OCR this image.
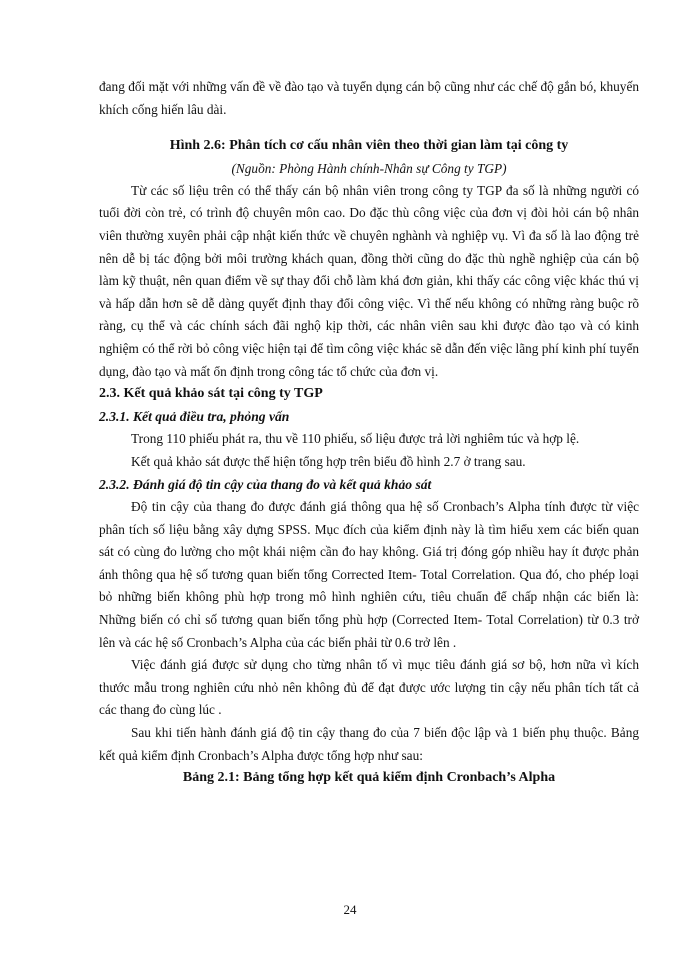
đang đối mặt với những vấn đề về đào tạo và tuyển dụng cán bộ cũng như các chế độ gắn bó, khuyến khích cống hiến lâu dài.

Hình 2.6: Phân tích cơ cấu nhân viên theo thời gian làm tại công ty

(Nguồn: Phòng Hành chính-Nhân sự Công ty TGP)

Từ các số liệu trên có thể thấy cán bộ nhân viên trong công ty TGP đa số là những người có tuổi đời còn trẻ, có trình độ chuyên môn cao. Do đặc thù công việc của đơn vị đòi hỏi cán bộ nhân viên thường xuyên phải cập nhật kiến thức về chuyên nghành và nghiệp vụ. Vì đa số là lao động trẻ nên dễ bị tác động bởi môi trường khách quan, đồng thời cũng do đặc thù nghề nghiệp của cán bộ làm kỹ thuật, nên quan điểm về sự thay đổi chỗ làm khá đơn giản, khi thấy các công việc khác thú vị và hấp dẫn hơn sẽ dễ dàng quyết định thay đổi công việc. Vì thế nếu không có những ràng buộc rõ ràng, cụ thể và các chính sách đãi nghộ kịp thời, các nhân viên sau khi được đào tạo và có kinh nghiệm có thể rời bỏ công việc hiện tại để tìm công việc khác sẽ dẫn đến việc lãng phí kinh phí tuyển dụng, đào tạo và mất ổn định trong công tác tổ chức của đơn vị.

2.3. Kết quả khảo sát tại công ty TGP

2.3.1. Kết quả điều tra, phỏng vấn

Trong 110 phiếu phát ra, thu về 110 phiếu, số liệu được trả lời nghiêm túc và hợp lệ.

Kết quả khảo sát được thể hiện tổng hợp trên biểu đồ hình 2.7 ở trang sau.

2.3.2. Đánh giá độ tin cậy của thang đo và kết quả khảo sát

Độ tin cậy của thang đo được đánh giá thông qua hệ số Cronbach’s Alpha tính được từ việc phân tích số liệu bằng xây dựng SPSS. Mục đích của kiểm định này là tìm hiểu xem các biến quan sát có cùng đo lường cho một khái niệm cần đo hay không. Giá trị đóng góp nhiều hay ít được phản ánh thông qua hệ số tương quan biến tổng Corrected Item- Total Correlation. Qua đó, cho phép loại bỏ những biến không phù hợp trong mô hình nghiên cứu, tiêu chuẩn để chấp nhận các biến là: Những biến có chỉ số tương quan biến tổng phù hợp (Corrected Item- Total Correlation) từ 0.3 trở lên và các hệ số Cronbach’s Alpha của các biến phải từ 0.6 trở lên .

Việc đánh giá được sử dụng cho từng nhân tố vì mục tiêu đánh giá sơ bộ, hơn nữa vì kích thước mẫu trong nghiên cứu nhỏ nên không đủ để đạt được ước lượng tin cậy nếu phân tích tất cả các thang đo cùng lúc .

Sau khi tiến hành đánh giá độ tin cậy thang đo của 7 biến độc lập và 1 biến phụ thuộc. Bảng kết quả kiểm định Cronbach’s Alpha được tổng hợp như sau:

Bảng 2.1: Bảng tổng hợp kết quả kiểm định Cronbach’s Alpha

24
